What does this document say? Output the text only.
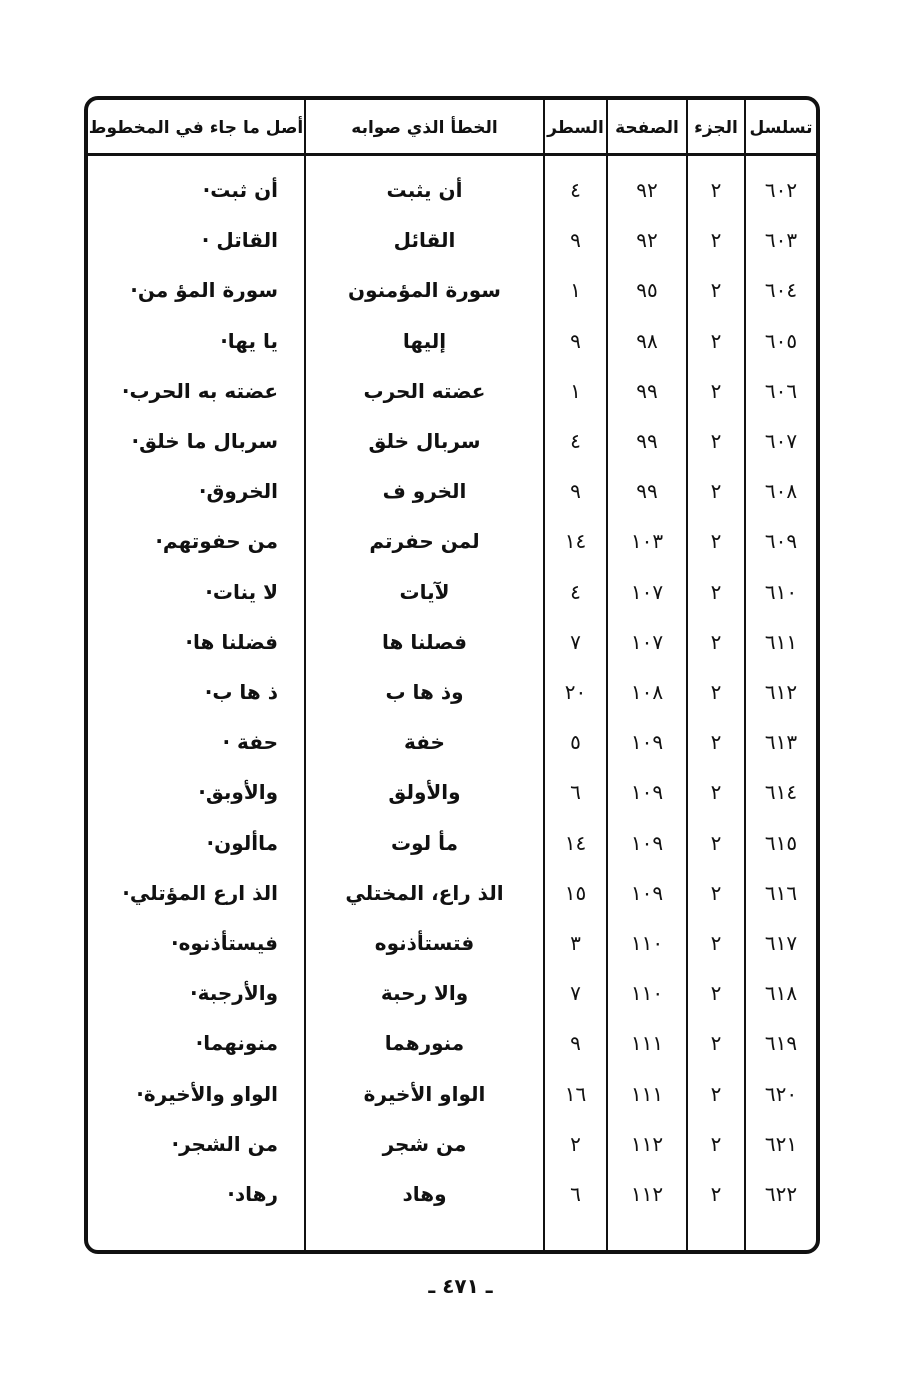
تسلسل
الجزء
الصفحة
السطر
الخطأ الذي صوابه
أصل ما جاء في المخطوط
٦٠٢
٢
٩٢
٤
أن يثبت
أن ثبت·
٦٠٣
٢
٩٢
٩
القائل
القاتل ·
٦٠٤
٢
٩٥
١
سورة المؤمنون
سورة المؤ من·
٦٠٥
٢
٩٨
٩
إليها
يا يها·
٦٠٦
٢
٩٩
١
عضته الحرب
عضته به الحرب·
٦٠٧
٢
٩٩
٤
سربال خلق
سربال ما خلق·
٦٠٨
٢
٩٩
٩
الخرو ف
الخروق·
٦٠٩
٢
١٠٣
١٤
لمن حفرتم
من حفوتهم·
٦١٠
٢
١٠٧
٤
لآيات
لا ينات·
٦١١
٢
١٠٧
٧
فصلنا ها
فضلنا ها·
٦١٢
٢
١٠٨
٢٠
وذ ها ب
ذ ها ب·
٦١٣
٢
١٠٩
٥
خفة
حفة ·
٦١٤
٢
١٠٩
٦
والأولق
والأوبق·
٦١٥
٢
١٠٩
١٤
مأ لوت
ماألون·
٦١٦
٢
١٠٩
١٥
الذ راع، المختلي
الذ ارع المؤتلي·
٦١٧
٢
١١٠
٣
فتستأذنوه
فيستأذنوه·
٦١٨
٢
١١٠
٧
والا رحبة
والأرجبة·
٦١٩
٢
١١١
٩
منورهما
منونهما·
٦٢٠
٢
١١١
١٦
الواو الأخيرة
الواو والأخيرة·
٦٢١
٢
١١٢
٢
من شجر
من الشجر·
٦٢٢
٢
١١٢
٦
وهاد
رهاد·
ـ ٤٧١ ـ
